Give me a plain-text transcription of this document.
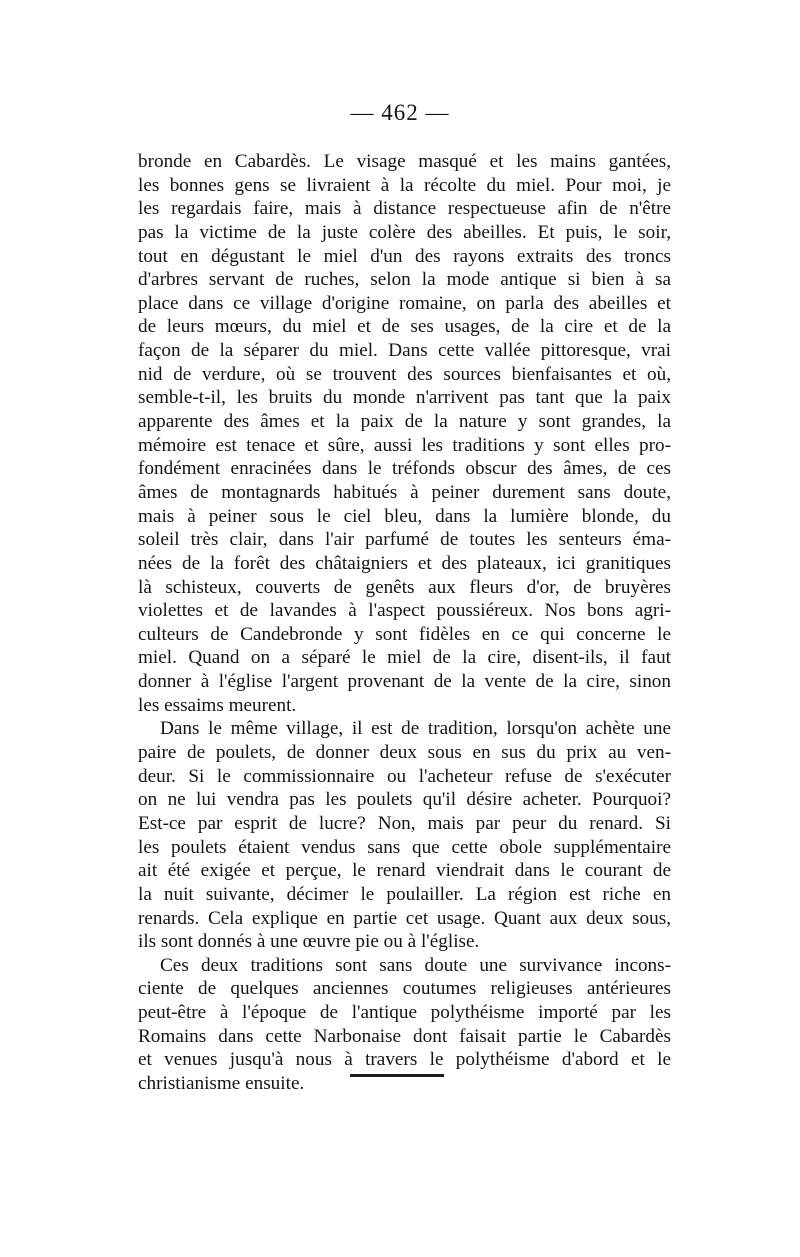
— 462 —
bronde en Cabardès. Le visage masqué et les mains gantées,
les bonnes gens se livraient à la récolte du miel. Pour moi, je
les regardais faire, mais à distance respectueuse afin de n'être
pas la victime de la juste colère des abeilles. Et puis, le soir,
tout en dégustant le miel d'un des rayons extraits des troncs
d'arbres servant de ruches, selon la mode antique si bien à sa
place dans ce village d'origine romaine, on parla des abeilles et
de leurs mœurs, du miel et de ses usages, de la cire et de la
façon de la séparer du miel. Dans cette vallée pittoresque, vrai
nid de verdure, où se trouvent des sources bienfaisantes et où,
semble-t-il, les bruits du monde n'arrivent pas tant que la paix
apparente des âmes et la paix de la nature y sont grandes, la
mémoire est tenace et sûre, aussi les traditions y sont elles pro-
fondément enracinées dans le tréfonds obscur des âmes, de ces
âmes de montagnards habitués à peiner durement sans doute,
mais à peiner sous le ciel bleu, dans la lumière blonde, du
soleil très clair, dans l'air parfumé de toutes les senteurs éma-
nées de la forêt des châtaigniers et des plateaux, ici granitiques
là schisteux, couverts de genêts aux fleurs d'or, de bruyères
violettes et de lavandes à l'aspect poussiéreux. Nos bons agri-
culteurs de Candebronde y sont fidèles en ce qui concerne le
miel. Quand on a séparé le miel de la cire, disent-ils, il faut
donner à l'église l'argent provenant de la vente de la cire, sinon
les essaims meurent.
Dans le même village, il est de tradition, lorsqu'on achète une
paire de poulets, de donner deux sous en sus du prix au ven-
deur. Si le commissionnaire ou l'acheteur refuse de s'exécuter
on ne lui vendra pas les poulets qu'il désire acheter. Pourquoi?
Est-ce par esprit de lucre? Non, mais par peur du renard. Si
les poulets étaient vendus sans que cette obole supplémentaire
ait été exigée et perçue, le renard viendrait dans le courant de
la nuit suivante, décimer le poulailler. La région est riche en
renards. Cela explique en partie cet usage. Quant aux deux sous,
ils sont donnés à une œuvre pie ou à l'église.
Ces deux traditions sont sans doute une survivance incons-
ciente de quelques anciennes coutumes religieuses antérieures
peut-être à l'époque de l'antique polythéisme importé par les
Romains dans cette Narbonaise dont faisait partie le Cabardès
et venues jusqu'à nous à travers le polythéisme d'abord et le
christianisme ensuite.
